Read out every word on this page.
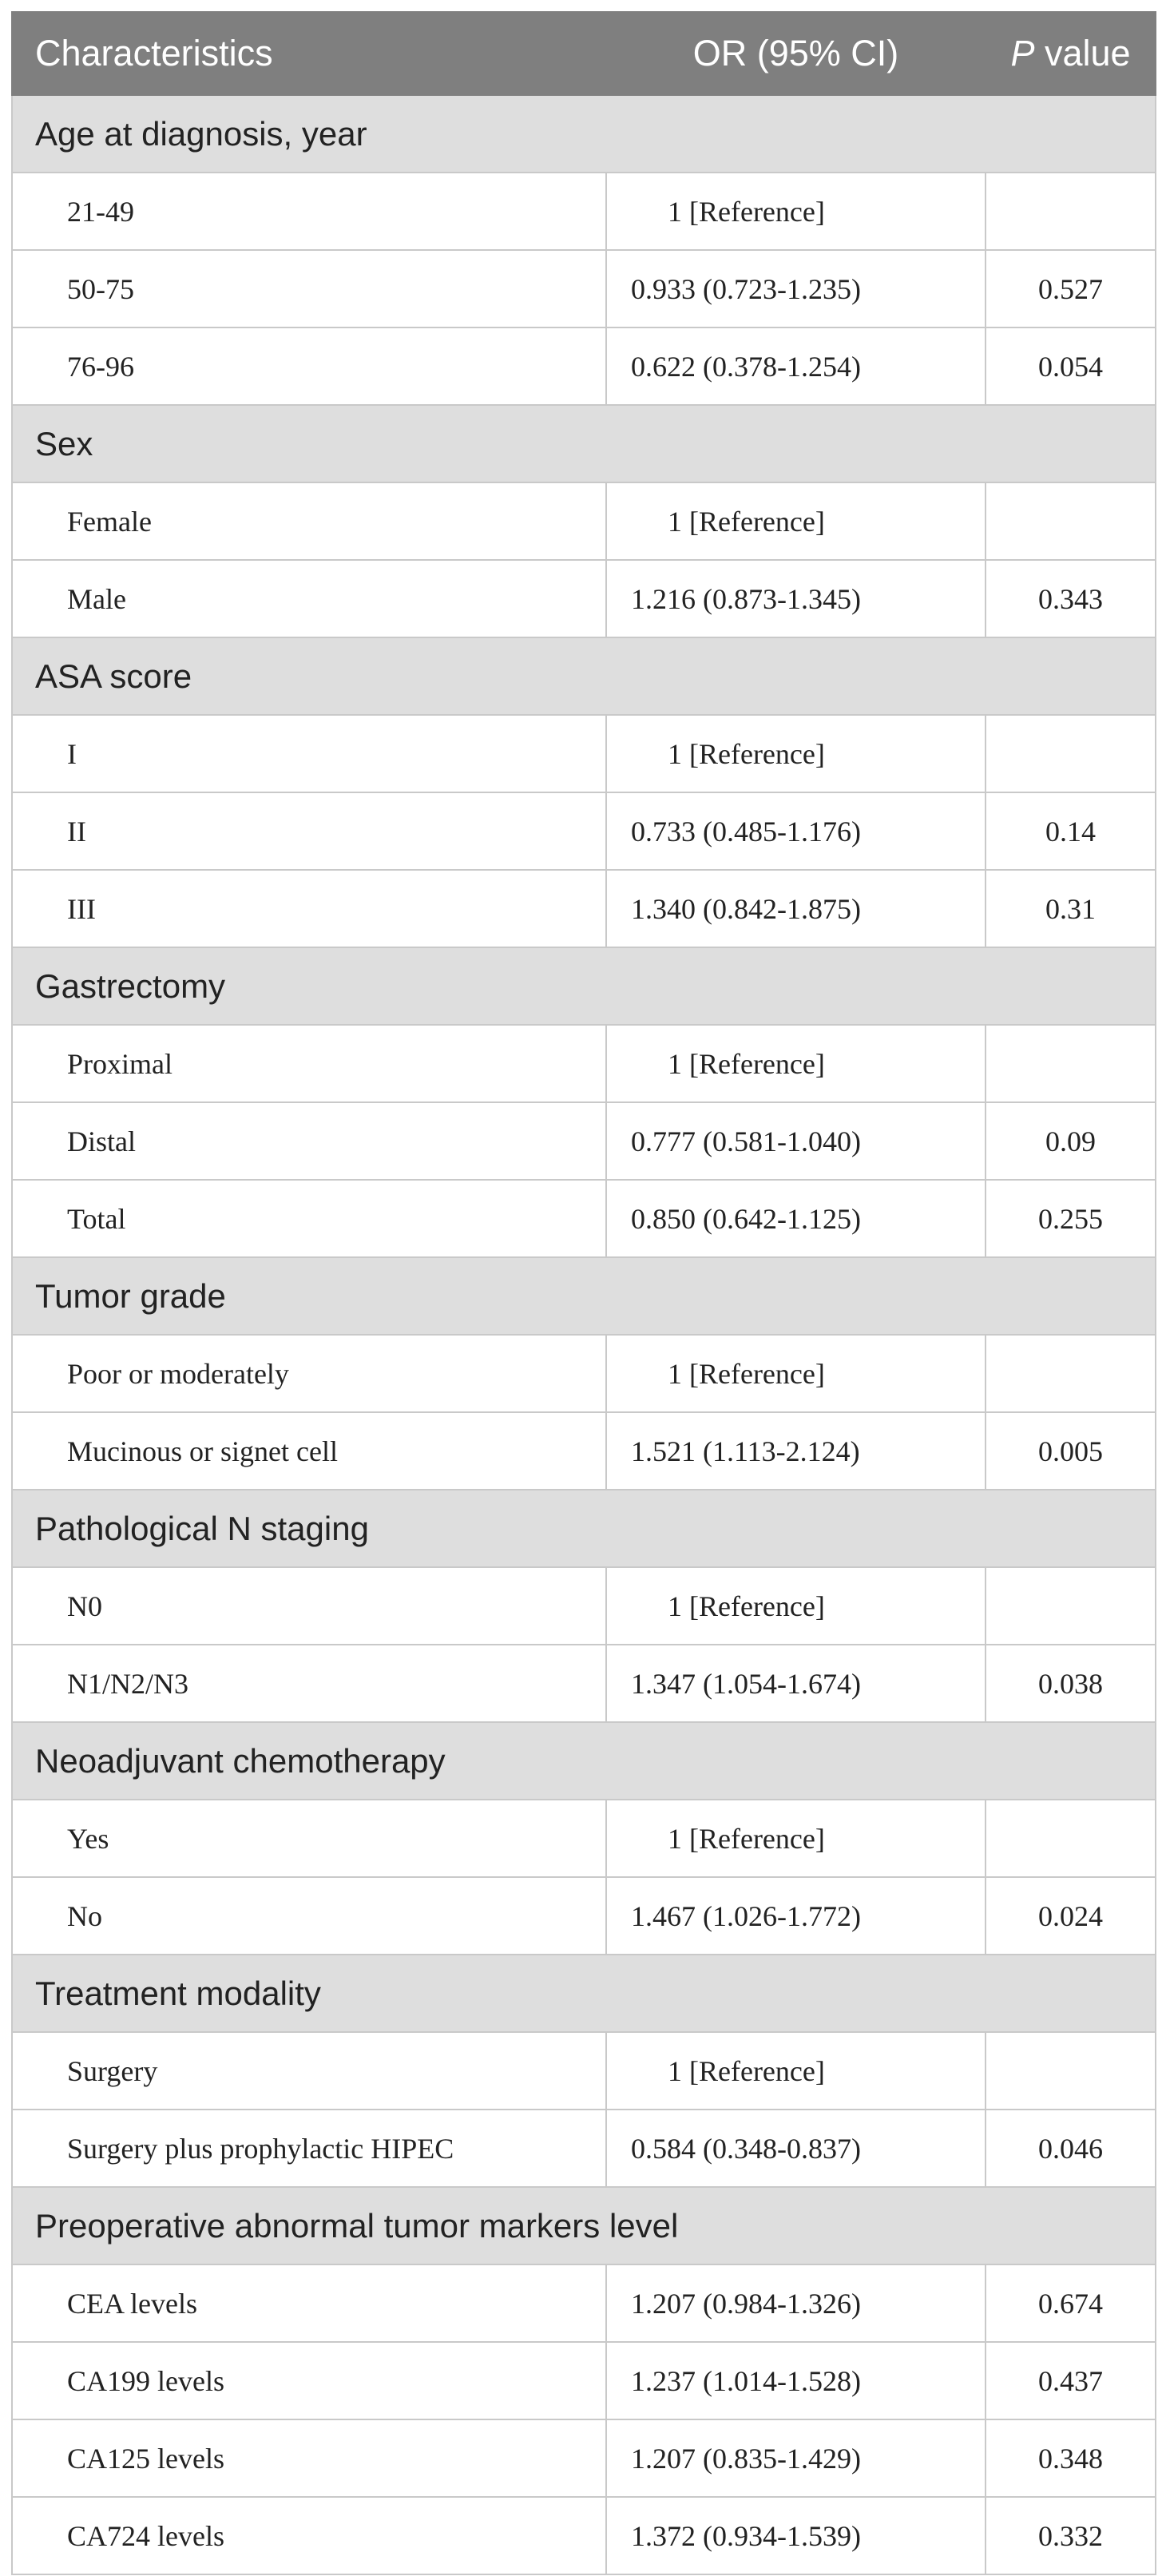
Characteristics	OR (95% CI)	P value
Age at diagnosis, year		
21-49	1 [Reference]	
50-75	0.933 (0.723-1.235)	0.527
76-96	0.622 (0.378-1.254)	0.054
Sex		
Female	1 [Reference]	
Male	1.216 (0.873-1.345)	0.343
ASA score		
I	1 [Reference]	
II	0.733 (0.485-1.176)	0.14
III	1.340 (0.842-1.875)	0.31
Gastrectomy		
Proximal	1 [Reference]	
Distal	0.777 (0.581-1.040)	0.09
Total	0.850 (0.642-1.125)	0.255
Tumor grade		
Poor or moderately	1 [Reference]	
Mucinous or signet cell	1.521 (1.113-2.124)	0.005
Pathological N staging		
N0	1 [Reference]	
N1/N2/N3	1.347 (1.054-1.674)	0.038
Neoadjuvant chemotherapy		
Yes	1 [Reference]	
No	1.467 (1.026-1.772)	0.024
Treatment modality		
Surgery	1 [Reference]	
Surgery plus prophylactic HIPEC	0.584 (0.348-0.837)	0.046
Preoperative abnormal tumor markers level		
CEA levels	1.207 (0.984-1.326)	0.674
CA199 levels	1.237 (1.014-1.528)	0.437
CA125 levels	1.207 (0.835-1.429)	0.348
CA724 levels	1.372 (0.934-1.539)	0.332
